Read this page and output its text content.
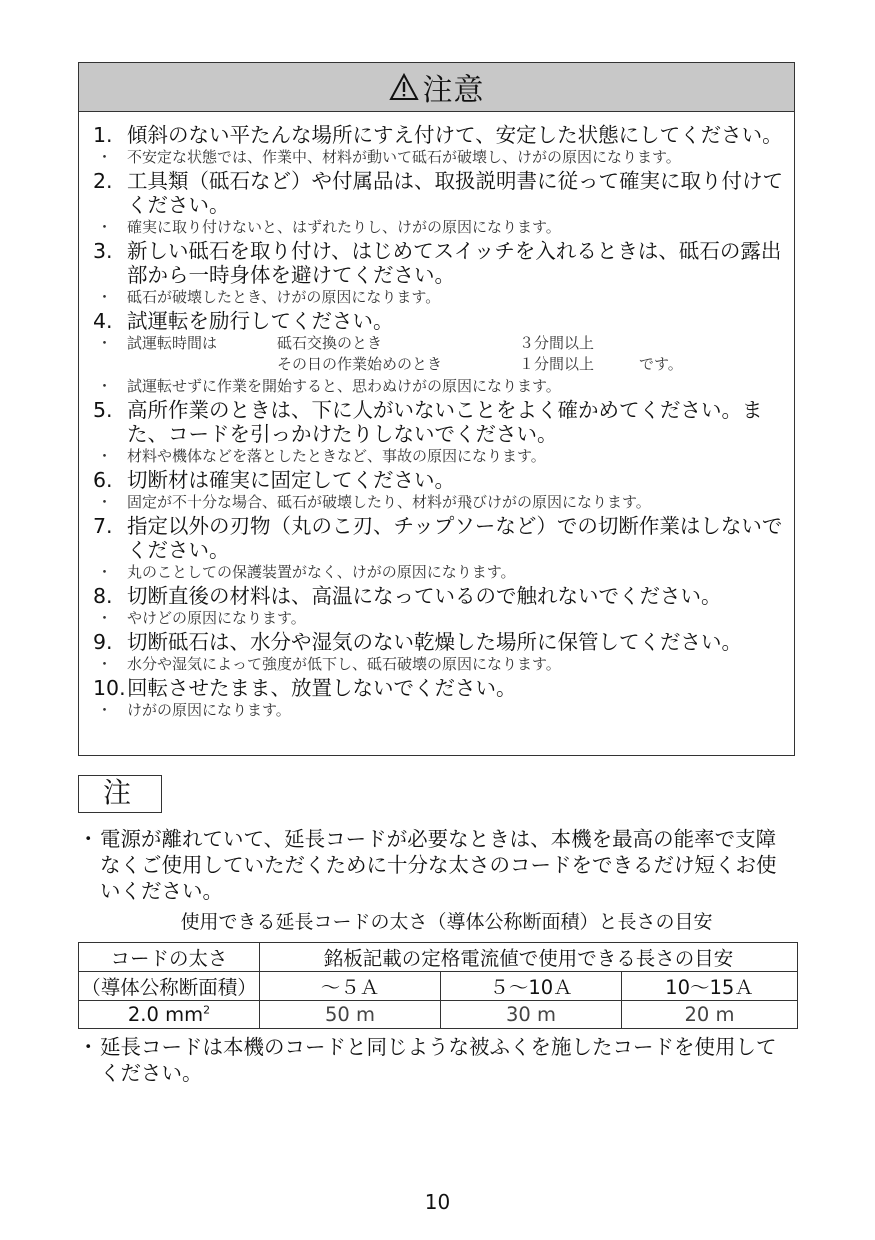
注意
1. 傾斜のない平たんな場所にすえ付けて、安定した状態にしてください。
・ 不安定な状態では、作業中、材料が動いて砥石が破壊し、けがの原因になります。
2. 工具類（砥石など）や付属品は、取扱説明書に従って確実に取り付けてください。
・ 確実に取り付けないと、はずれたりし、けがの原因になります。
3. 新しい砥石を取り付け、はじめてスイッチを入れるときは、砥石の露出部から一時身体を避けてください。
・ 砥石が破壊したとき、けがの原因になります。
4. 試運転を励行してください。
・ 試運転時間は	砥石交換のとき	３分間以上
その日の作業始めのとき	１分間以上	です。
・ 試運転せずに作業を開始すると、思わぬけがの原因になります。
5. 高所作業のときは、下に人がいないことをよく確かめてください。また、コードを引っかけたりしないでください。
・ 材料や機体などを落としたときなど、事故の原因になります。
6. 切断材は確実に固定してください。
・ 固定が不十分な場合、砥石が破壊したり、材料が飛びけがの原因になります。
7. 指定以外の刃物（丸のこ刃、チップソーなど）での切断作業はしないでください。
・ 丸のことしての保護装置がなく、けがの原因になります。
8. 切断直後の材料は、高温になっているので触れないでください。
・ やけどの原因になります。
9. 切断砥石は、水分や湿気のない乾燥した場所に保管してください。
・ 水分や湿気によって強度が低下し、砥石破壊の原因になります。
10. 回転させたまま、放置しないでください。
・ けがの原因になります。
注
・ 電源が離れていて、延長コードが必要なときは、本機を最高の能率で支障
なくご使用していただくために十分な太さのコードをできるだけ短くお使
いください。
使用できる延長コードの太さ（導体公称断面積）と長さの目安
コードの太さ	銘板記載の定格電流値で使用できる長さの目安		
（導体公称断面積）	～５Ａ	５～10Ａ	10～15Ａ
2.0 $mm^2$	50 m	30 m	20 m
・ 延長コードは本機のコードと同じような被ふくを施したコードを使用して
ください。
10
